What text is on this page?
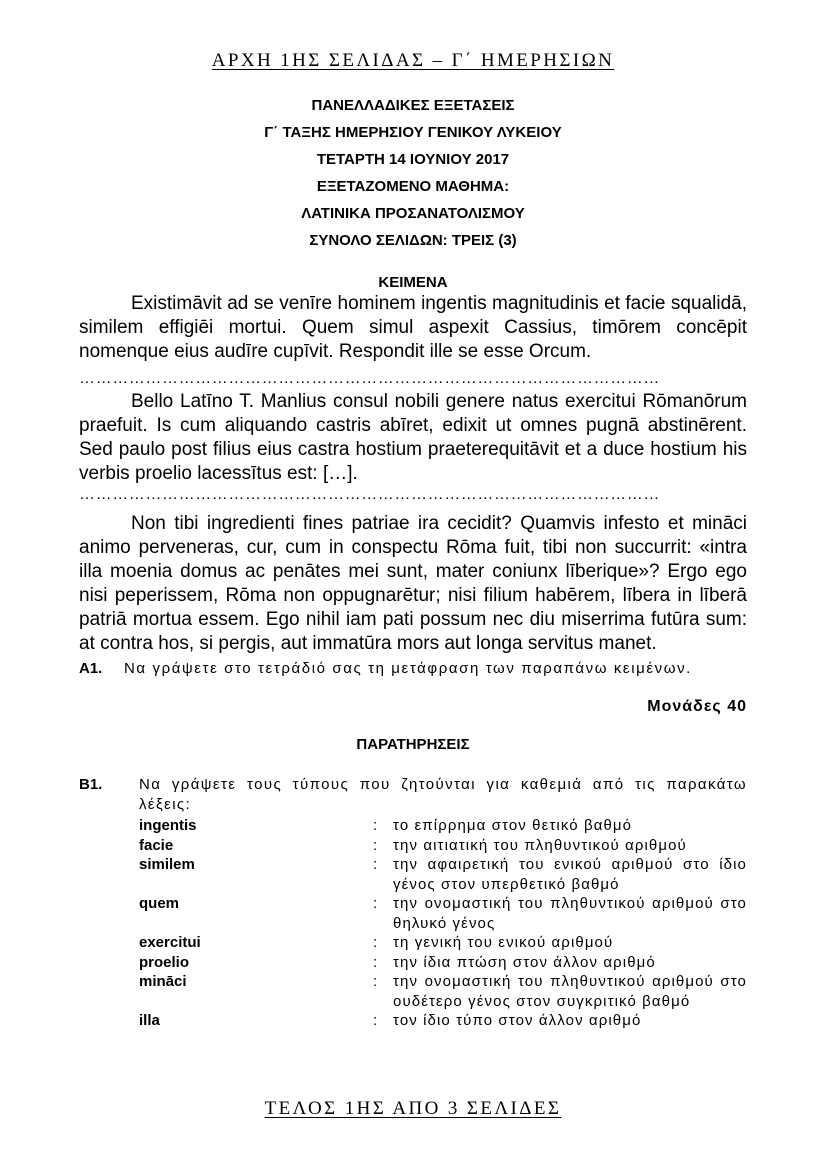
ΑΡΧΗ 1ΗΣ ΣΕΛΙΔΑΣ – Γ΄ ΗΜΕΡΗΣΙΩΝ
ΠΑΝΕΛΛΑΔΙΚΕΣ ΕΞΕΤΑΣΕΙΣ
Γ΄ ΤΑΞΗΣ ΗΜΕΡΗΣΙΟΥ ΓΕΝΙΚΟΥ ΛΥΚΕΙΟΥ
ΤΕΤΑΡΤΗ 14 ΙΟΥΝΙΟΥ 2017
ΕΞΕΤΑΖΟΜΕΝΟ ΜΑΘΗΜΑ:
ΛΑΤΙΝΙΚΑ ΠΡΟΣΑΝΑΤΟΛΙΣΜΟΥ
ΣΥΝΟΛΟ ΣΕΛΙΔΩΝ: ΤΡΕΙΣ (3)
ΚΕΙΜΕΝΑ

Existimāvit ad se venīre hominem ingentis magnitudinis et facie squalidā, similem effigiēi mortui. Quem simul aspexit Cassius, timōrem concēpit nomenque eius audīre cupīvit. Respondit ille se esse Orcum.

……………………………………………………………………………………………

Bello Latīno T. Manlius consul nobili genere natus exercitui Rōmanōrum praefuit. Is cum aliquando castris abīret, edixit ut omnes pugnā abstinērent. Sed paulo post filius eius castra hostium praeterequitāvit et a duce hostium his verbis proelio lacessītus est: […].

……………………………………………………………………………………………

Non tibi ingredienti fines patriae ira cecidit? Quamvis infesto et mināci animo perveneras, cur, cum in conspectu Rōma fuit, tibi non succurrit: «intra illa moenia domus ac penātes mei sunt, mater coniunx līberique»? Ergo ego nisi peperissem, Rōma non oppugnarētur; nisi filium habērem, lībera in līberā patriā mortua essem. Ego nihil iam pati possum nec diu miserrima futūra sum: at contra hos, si pergis, aut immatūra mors aut longa servitus manet.

A1.	Να γράψετε στο τετράδιό σας τη μετάφραση των παραπάνω κειμένων.

Μονάδες 40
ΠΑΡΑΤΗΡΗΣΕΙΣ
B1. Να γράψετε τους τύπους που ζητούνται για καθεμιά από τις παρακάτω λέξεις:

ingentis	:	το επίρρημα στον θετικό βαθμό
facie	:	την αιτιατική του πληθυντικού αριθμού
similem	:	την αφαιρετική του ενικού αριθμού στο ίδιο γένος στον υπερθετικό βαθμό
quem	:	την ονομαστική του πληθυντικού αριθμού στο θηλυκό γένος
exercitui	:	τη γενική του ενικού αριθμού
proelio	:	την ίδια πτώση στον άλλον αριθμό
mināci	:	την ονομαστική του πληθυντικού αριθμού στο ουδέτερο γένος στον συγκριτικό βαθμό
illa	:	τον ίδιο τύπο στον άλλον αριθμό
ΤΕΛΟΣ 1ΗΣ ΑΠΟ 3 ΣΕΛΙΔΕΣ
